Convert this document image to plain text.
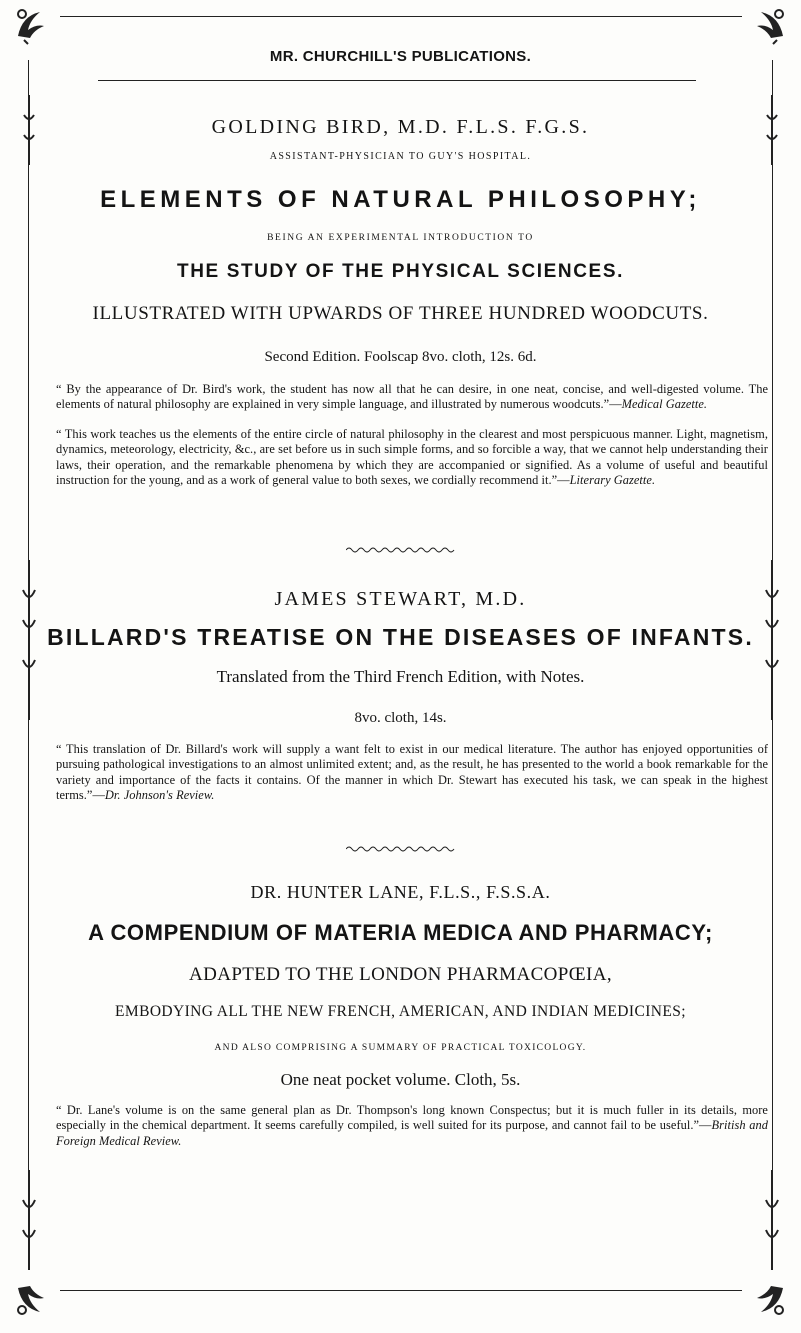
MR. CHURCHILL'S PUBLICATIONS.
GOLDING BIRD, M.D. F.L.S. F.G.S.
ASSISTANT-PHYSICIAN TO GUY'S HOSPITAL.
ELEMENTS OF NATURAL PHILOSOPHY;
BEING AN EXPERIMENTAL INTRODUCTION TO
THE STUDY OF THE PHYSICAL SCIENCES.
ILLUSTRATED WITH UPWARDS OF THREE HUNDRED WOODCUTS.
Second Edition. Foolscap 8vo. cloth, 12s. 6d.
“ By the appearance of Dr. Bird's work, the student has now all that he can desire, in one neat, concise, and well-digested volume. The elements of natural philosophy are explained in very simple language, and illustrated by numerous woodcuts.”—Medical Gazette.
“ This work teaches us the elements of the entire circle of natural philosophy in the clearest and most perspicuous manner. Light, magnetism, dynamics, meteorology, electricity, &c., are set before us in such simple forms, and so forcible a way, that we cannot help understanding their laws, their operation, and the remarkable phenomena by which they are accompanied or signified. As a volume of useful and beautiful instruction for the young, and as a work of general value to both sexes, we cordially recommend it.”—Literary Gazette.
JAMES STEWART, M.D.
BILLARD'S TREATISE ON THE DISEASES OF INFANTS.
Translated from the Third French Edition, with Notes.
8vo. cloth, 14s.
“ This translation of Dr. Billard's work will supply a want felt to exist in our medical literature. The author has enjoyed opportunities of pursuing pathological investigations to an almost unlimited extent; and, as the result, he has presented to the world a book remarkable for the variety and importance of the facts it contains. Of the manner in which Dr. Stewart has executed his task, we can speak in the highest terms.”—Dr. Johnson's Review.
DR. HUNTER LANE, F.L.S., F.S.S.A.
A COMPENDIUM OF MATERIA MEDICA AND PHARMACY;
ADAPTED TO THE LONDON PHARMACOPŒIA,
EMBODYING ALL THE NEW FRENCH, AMERICAN, AND INDIAN MEDICINES;
AND ALSO COMPRISING A SUMMARY OF PRACTICAL TOXICOLOGY.
One neat pocket volume. Cloth, 5s.
“ Dr. Lane's volume is on the same general plan as Dr. Thompson's long known Conspectus; but it is much fuller in its details, more especially in the chemical department. It seems carefully compiled, is well suited for its purpose, and cannot fail to be useful.”—British and Foreign Medical Review.
